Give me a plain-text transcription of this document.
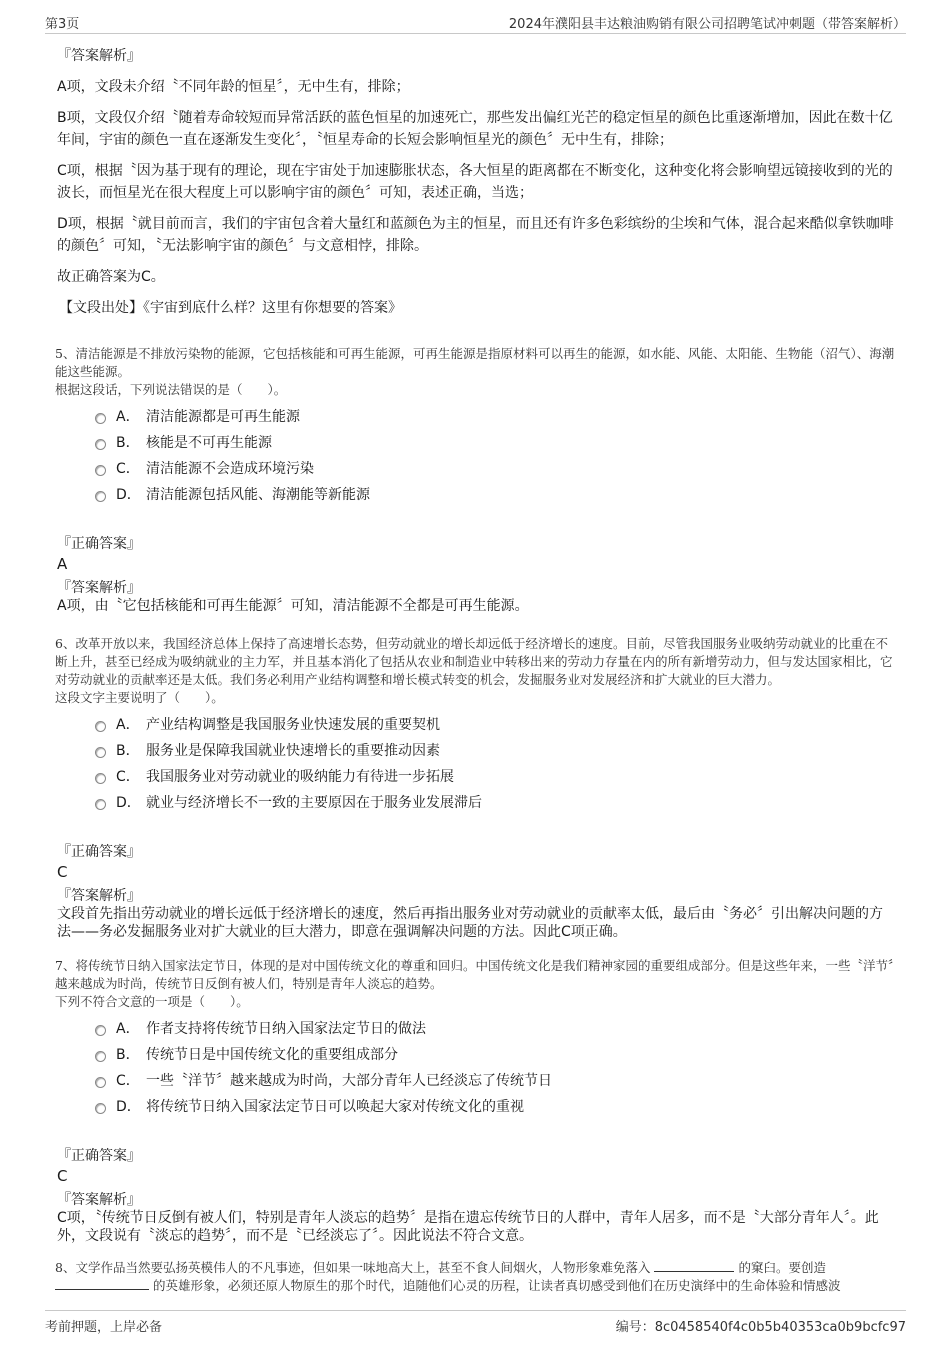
第3页	2024年濮阳县丰达粮油购销有限公司招聘笔试冲刺题（带答案解析）
『答案解析』

A项，文段未介绍〝不同年龄的恒星〞，无中生有，排除；

B项，文段仅介绍〝随着寿命较短而异常活跃的蓝色恒星的加速死亡，那些发出偏红光芒的稳定恒星的颜色比重逐渐增加，因此在数十亿年间，宇宙的颜色一直在逐渐发生变化〞，〝恒星寿命的长短会影响恒星光的颜色〞无中生有，排除；

C项，根据〝因为基于现有的理论，现在宇宙处于加速膨胀状态，各大恒星的距离都在不断变化，这种变化将会影响望远镜接收到的光的波长，而恒星光在很大程度上可以影响宇宙的颜色〞可知，表述正确，当选；

D项，根据〝就目前而言，我们的宇宙包含着大量红和蓝颜色为主的恒星，而且还有许多色彩缤纷的尘埃和气体，混合起来酷似拿铁咖啡的颜色〞可知，〝无法影响宇宙的颜色〞与文意相悖，排除。

故正确答案为C。

【文段出处】《宇宙到底什么样？这里有你想要的答案》

5、清洁能源是不排放污染物的能源，它包括核能和可再生能源，可再生能源是指原材料可以再生的能源，如水能、风能、太阳能、生物能（沼气）、海潮能这些能源。

根据这段话，下列说法错误的是（　　）。

A． 清洁能源都是可再生能源
B． 核能是不可再生能源
C． 清洁能源不会造成环境污染
D． 清洁能源包括风能、海潮能等新能源

『正确答案』

A

『答案解析』

A项，由〝它包括核能和可再生能源〞可知，清洁能源不全都是可再生能源。

6、改革开放以来，我国经济总体上保持了高速增长态势，但劳动就业的增长却远低于经济增长的速度。目前，尽管我国服务业吸纳劳动就业的比重在不断上升，甚至已经成为吸纳就业的主力军，并且基本消化了包括从农业和制造业中转移出来的劳动力存量在内的所有新增劳动力，但与发达国家相比，它对劳动就业的贡献率还是太低。我们务必利用产业结构调整和增长模式转变的机会，发掘服务业对发展经济和扩大就业的巨大潜力。

这段文字主要说明了（　　）。

A． 产业结构调整是我国服务业快速发展的重要契机
B． 服务业是保障我国就业快速增长的重要推动因素
C． 我国服务业对劳动就业的吸纳能力有待进一步拓展
D． 就业与经济增长不一致的主要原因在于服务业发展滞后

『正确答案』

C

『答案解析』

文段首先指出劳动就业的增长远低于经济增长的速度，然后再指出服务业对劳动就业的贡献率太低，最后由〝务必〞引出解决问题的方法——务必发掘服务业对扩大就业的巨大潜力，即意在强调解决问题的方法。因此C项正确。

7、将传统节日纳入国家法定节日，体现的是对中国传统文化的尊重和回归。中国传统文化是我们精神家园的重要组成部分。但是这些年来，一些〝洋节〞越来越成为时尚，传统节日反倒有被人们，特别是青年人淡忘的趋势。

下列不符合文意的一项是（　　）。

A． 作者支持将传统节日纳入国家法定节日的做法
B． 传统节日是中国传统文化的重要组成部分
C． 一些〝洋节〞越来越成为时尚，大部分青年人已经淡忘了传统节日
D． 将传统节日纳入国家法定节日可以唤起大家对传统文化的重视

『正确答案』

C

『答案解析』

C项，〝传统节日反倒有被人们，特别是青年人淡忘的趋势〞是指在遗忘传统节日的人群中，青年人居多，而不是〝大部分青年人〞。此外，文段说有〝淡忘的趋势〞，而不是〝已经淡忘了〞。因此说法不符合文意。

8、文学作品当然要弘扬英模伟人的不凡事迹，但如果一味地高大上，甚至不食人间烟火，人物形象难免落入	的窠臼。要创造  的英雄形象，必须还原人物原生的那个时代，追随他们心灵的历程，让读者真切感受到他们在历史演绎中的生命体验和情感波

考前押题，上岸必备	编号：8c0458540f4c0b5b40353ca0b9bcfc97
